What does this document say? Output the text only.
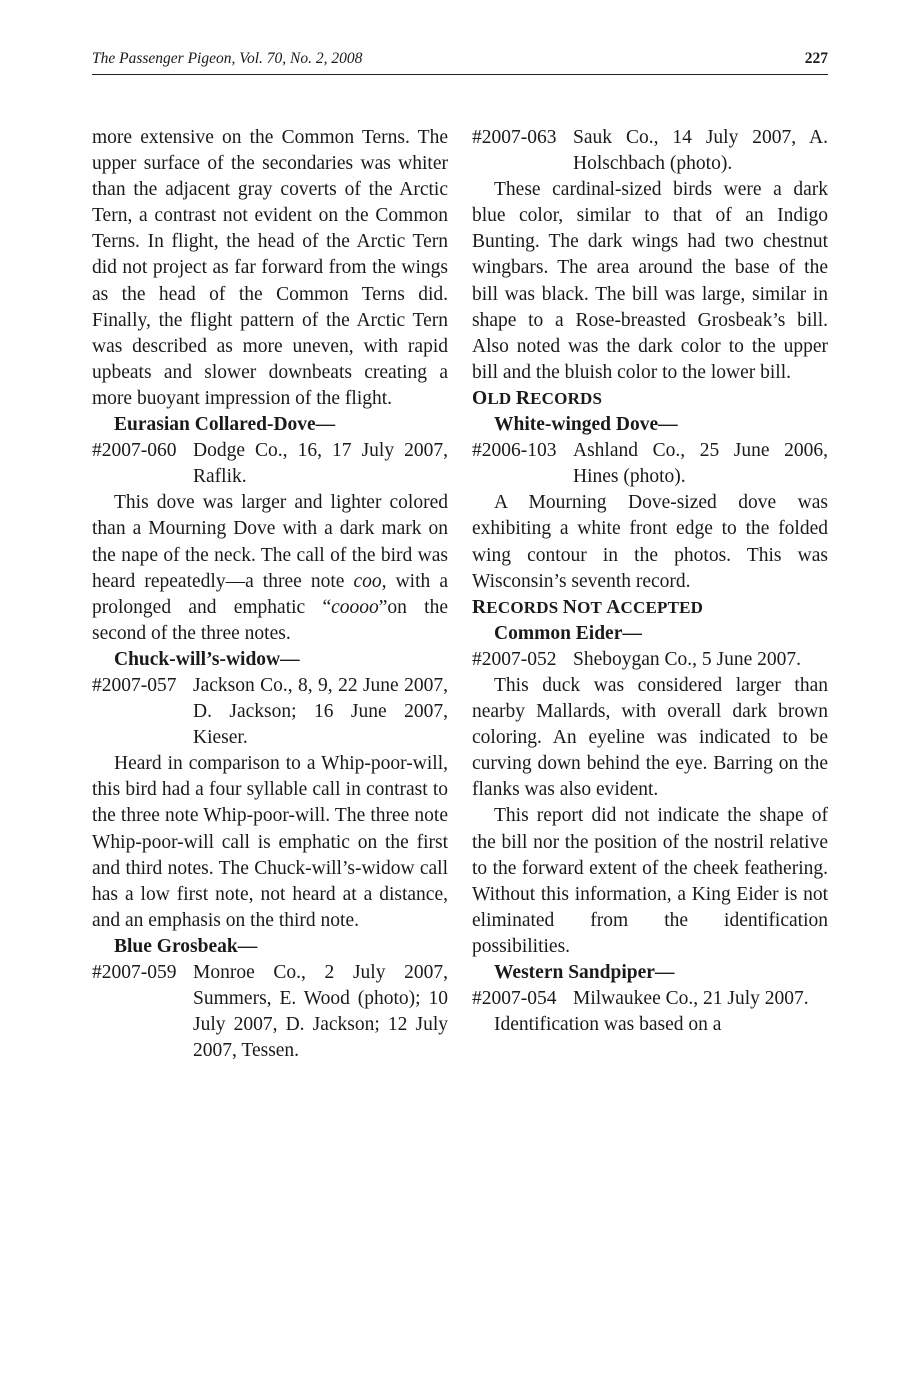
The Passenger Pigeon, Vol. 70, No. 2, 2008	227

more extensive on the Common Terns. The upper surface of the secondaries was whiter than the adjacent gray coverts of the Arctic Tern, a contrast not evident on the Common Terns. In flight, the head of the Arctic Tern did not project as far forward from the wings as the head of the Common Terns did. Finally, the flight pattern of the Arctic Tern was described as more uneven, with rapid upbeats and slower downbeats creating a more buoyant impression of the flight.

Eurasian Collared-Dove—

#2007-060 Dodge Co., 16, 17 July 2007, Raflik.

This dove was larger and lighter colored than a Mourning Dove with a dark mark on the nape of the neck. The call of the bird was heard repeatedly—a three note coo, with a prolonged and emphatic “coooo”on the second of the three notes.

Chuck-will’s-widow—

#2007-057 Jackson Co., 8, 9, 22 June 2007, D. Jackson; 16 June 2007, Kieser.

Heard in comparison to a Whip-poor-will, this bird had a four syllable call in contrast to the three note Whip-poor-will. The three note Whip-poor-will call is emphatic on the first and third notes. The Chuck-will’s-widow call has a low first note, not heard at a distance, and an emphasis on the third note.

Blue Grosbeak—

#2007-059 Monroe Co., 2 July 2007, Summers, E. Wood (photo); 10 July 2007, D. Jackson; 12 July 2007, Tessen.
#2007-063 Sauk Co., 14 July 2007, A. Holschbach (photo).

These cardinal-sized birds were a dark blue color, similar to that of an Indigo Bunting. The dark wings had two chestnut wingbars. The area around the base of the bill was black. The bill was large, similar in shape to a Rose-breasted Grosbeak’s bill. Also noted was the dark color to the upper bill and the bluish color to the lower bill.

OLD RECORDS

White-winged Dove—

#2006-103 Ashland Co., 25 June 2006, Hines (photo).

A Mourning Dove-sized dove was exhibiting a white front edge to the folded wing contour in the photos. This was Wisconsin’s seventh record.

RECORDS NOT ACCEPTED

Common Eider—

#2007-052 Sheboygan Co., 5 June 2007.

This duck was considered larger than nearby Mallards, with overall dark brown coloring. An eyeline was indicated to be curving down behind the eye. Barring on the flanks was also evident.

This report did not indicate the shape of the bill nor the position of the nostril relative to the forward extent of the cheek feathering. Without this information, a King Eider is not eliminated from the identification possibilities.

Western Sandpiper—

#2007-054 Milwaukee Co., 21 July 2007.

Identification was based on a
